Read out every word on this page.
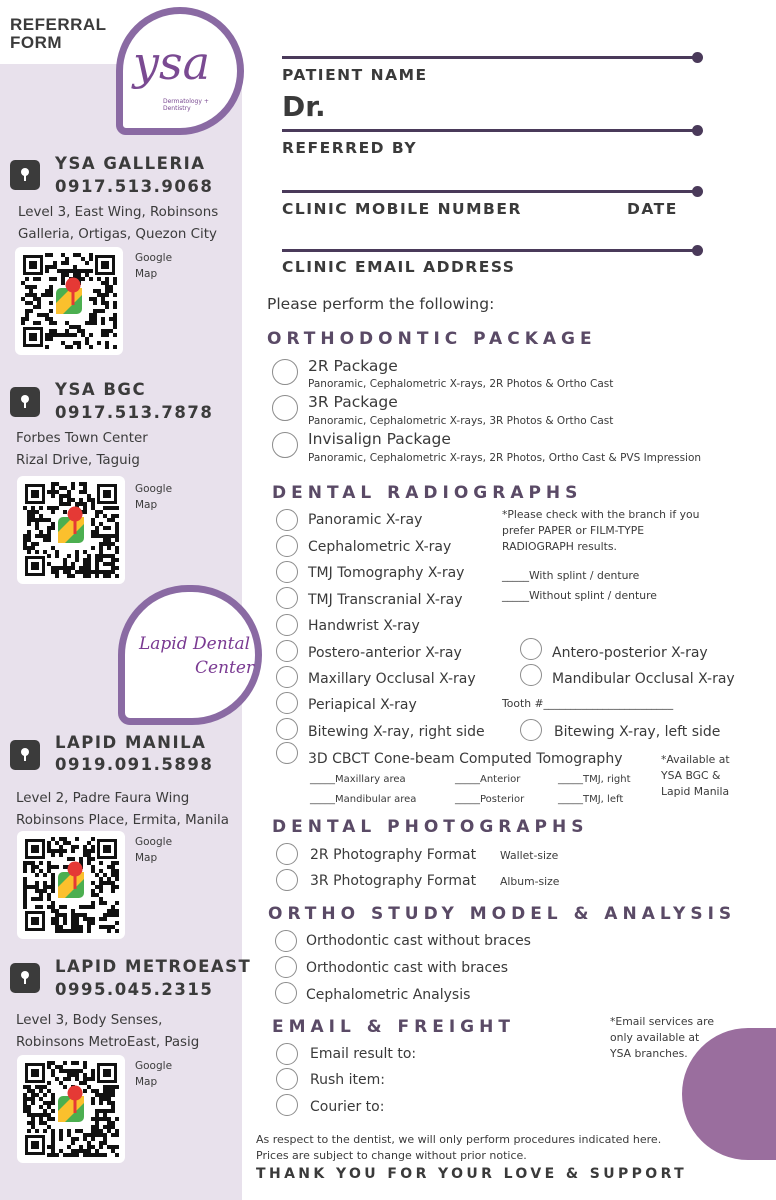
REFERRAL
FORM	ysa
Dermatology + Dentistry
YSA GALLERIA
0917.513.9068
Level 3, East Wing, Robinsons
Galleria, Ortigas, Quezon City
Google
Map
YSA BGC
0917.513.7878
Forbes Town Center
Rizal Drive, Taguig
Google
Map
Lapid Dental
Center
LAPID MANILA
0919.091.5898
Level 2, Padre Faura Wing
Robinsons Place, Ermita, Manila
Google
Map
LAPID METROEAST
0995.045.2315
Level 3, Body Senses,
Robinsons MetroEast, Pasig
Google
Map
PATIENT NAME
Dr.
REFERRED BY
CLINIC MOBILE NUMBER	DATE
CLINIC EMAIL ADDRESS
Please perform the following:
ORTHODONTIC PACKAGE
2R Package
Panoramic, Cephalometric X-rays, 2R Photos & Ortho Cast
3R Package
Panoramic, Cephalometric X-rays, 3R Photos & Ortho Cast
Invisalign Package
Panoramic, Cephalometric X-rays, 2R Photos, Ortho Cast & PVS Impression
DENTAL RADIOGRAPHS
*Please check with the branch if you
prefer PAPER or FILM-TYPE
RADIOGRAPH results.
Panoramic X-ray
Cephalometric X-ray
TMJ Tomography X-ray	_____With splint / denture
TMJ Transcranial X-ray	_____Without splint / denture
Handwrist X-ray
Postero-anterior X-ray	Antero-posterior X-ray
Maxillary Occlusal X-ray	Mandibular Occlusal X-ray
Periapical X-ray	Tooth #________________________
Bitewing X-ray, right side	Bitewing X-ray, left side
3D CBCT Cone-beam Computed Tomography
_____Maxillary area	_____Anterior	_____TMJ, right
_____Mandibular area	_____Posterior	_____TMJ, left
*Available at
YSA BGC &
Lapid Manila
DENTAL PHOTOGRAPHS
2R Photography Format Wallet-size
3R Photography Format Album-size
ORTHO STUDY MODEL & ANALYSIS
Orthodontic cast without braces
Orthodontic cast with braces
Cephalometric Analysis
EMAIL & FREIGHT	*Email services are
only available at
YSA branches.
Email result to:
Rush item:
Courier to:
As respect to the dentist, we will only perform procedures indicated here.
Prices are subject to change without prior notice.
THANK YOU FOR YOUR LOVE & SUPPORT
